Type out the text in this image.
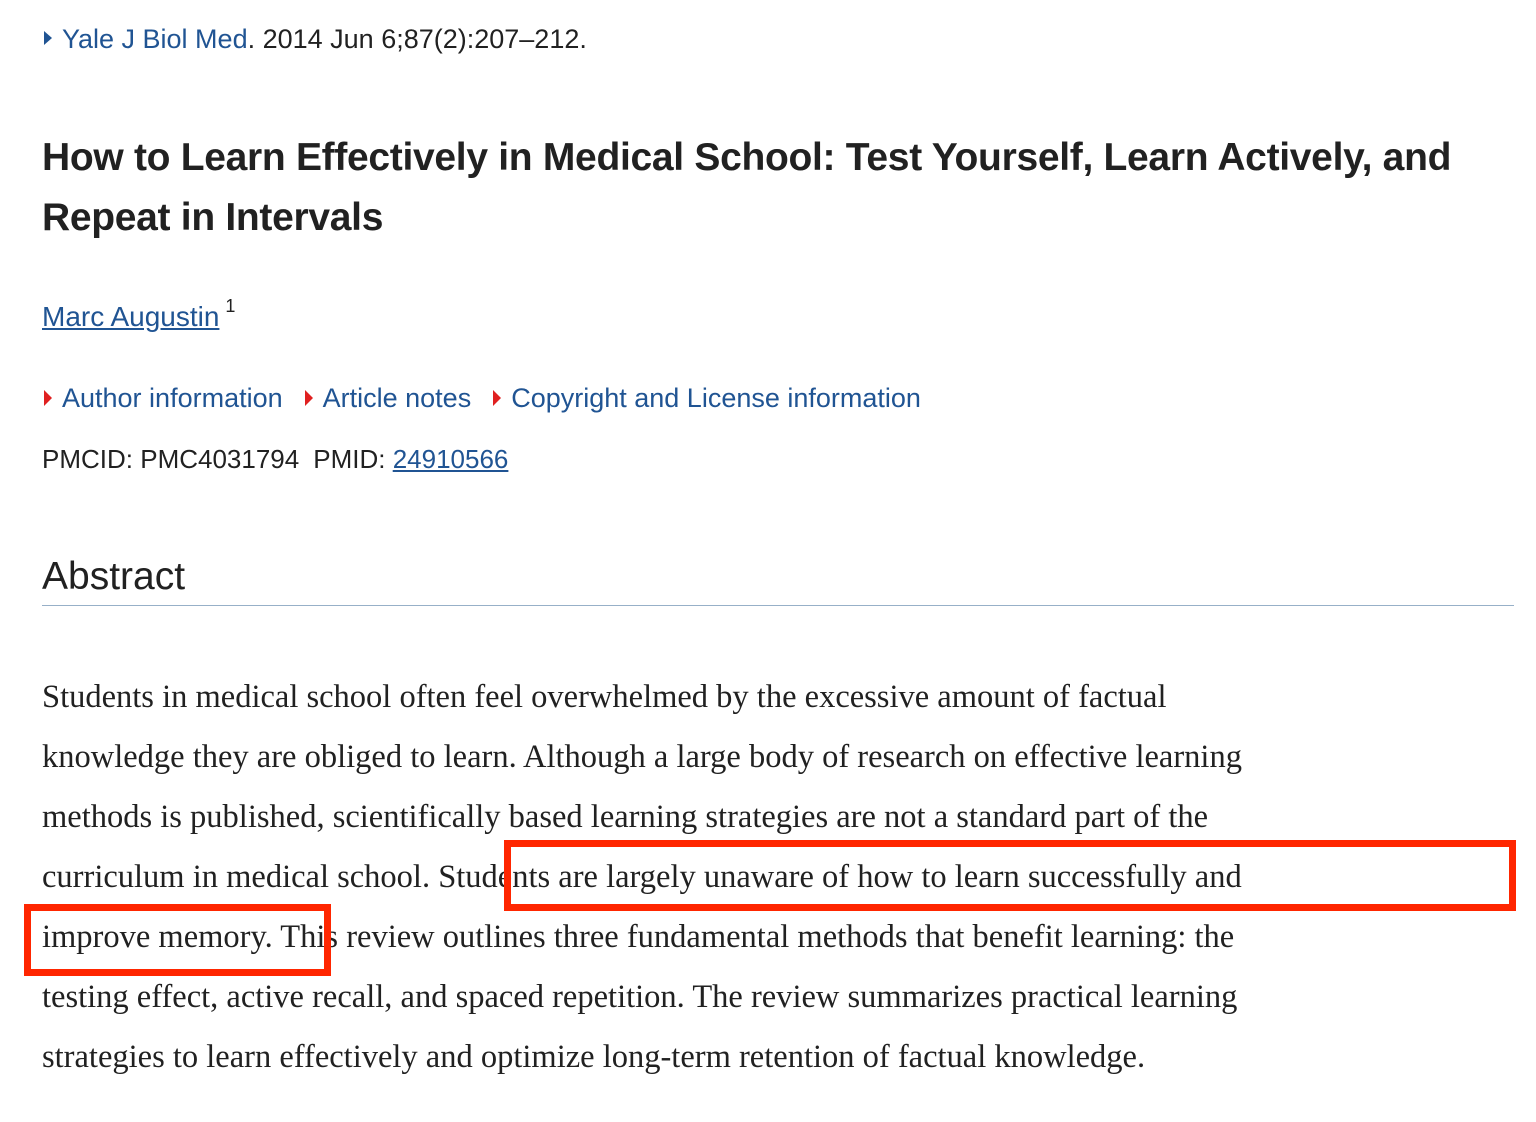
Yale J Biol Med. 2014 Jun 6;87(2):207–212.
How to Learn Effectively in Medical School: Test Yourself, Learn Actively, and Repeat in Intervals
Marc Augustin $^1$
Author information Article notes Copyright and License information
PMCID: PMC4031794 PMID: 24910566
Abstract
Students in medical school often feel overwhelmed by the excessive amount of factual
knowledge they are obliged to learn. Although a large body of research on effective learning
methods is published, scientifically based learning strategies are not a standard part of the
curriculum in medical school. Students are largely unaware of how to learn successfully and
improve memory. This review outlines three fundamental methods that benefit learning: the
testing effect, active recall, and spaced repetition. The review summarizes practical learning
strategies to learn effectively and optimize long-term retention of factual knowledge.
